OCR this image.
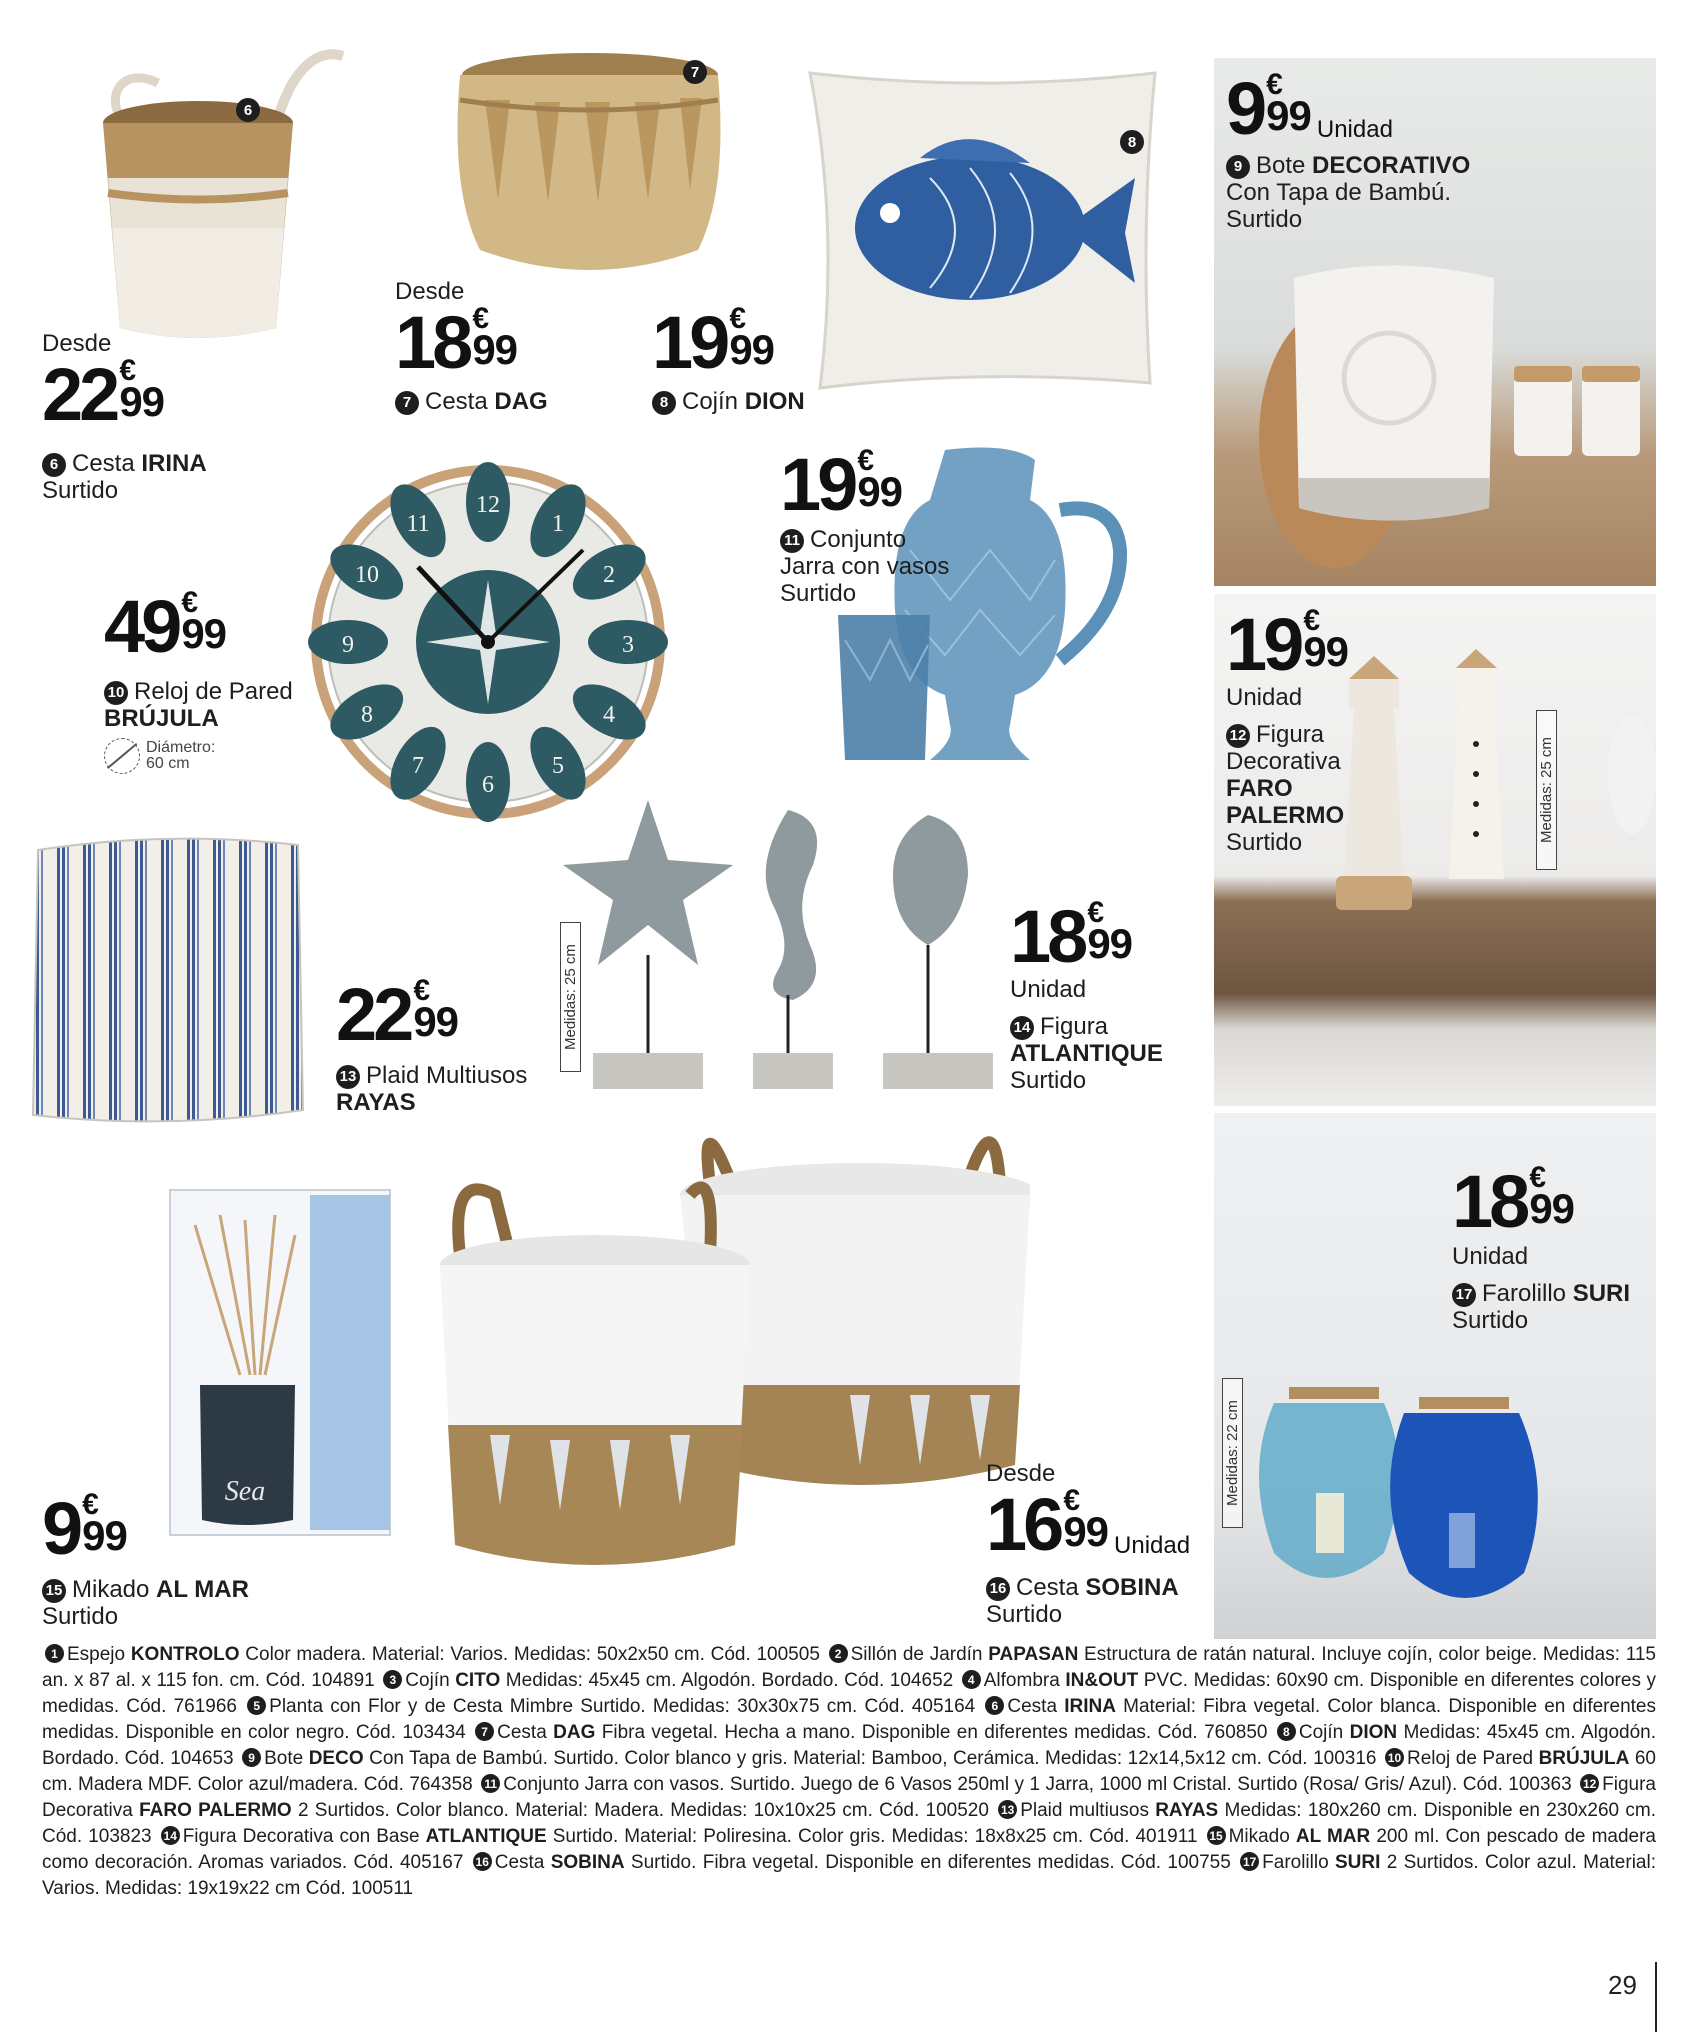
6
7
8
12
1
2
3
4
5
6
7
8
9
10
11
Sea
Desde
22 €
99
6 Cesta IRINA
Surtido
Desde
18 €
99
7 Cesta DAG
19 €
99
8 Cojín DION
9 €
99 Unidad
9 Bote DECORATIVO
Con Tapa de Bambú.
Surtido
49 €
99
10 Reloj de Pared
BRÚJULA
Diámetro:
60 cm
19 €
99
11 Conjunto
Jarra con vasos
Surtido
19 €
99
Unidad
12 Figura
Decorativa
FARO
PALERMO
Surtido	Medidas: 25 cm
22 €
99
13 Plaid Multiusos
RAYAS
Medidas: 25 cm
18 €
99
Unidad
14 Figura
ATLANTIQUE
Surtido
9 €
99
15 Mikado AL MAR
Surtido
Desde
16 €
99 Unidad
16 Cesta SOBINA
Surtido
18 €
99
Unidad
17 Farolillo SURI
Surtido
Medidas: 22 cm
1 Espejo KONTROLO Color madera. Material: Varios. Medidas: 50x2x50 cm. Cód. 100505 2 Sillón de Jardín PAPASAN Estructura de ratán natural. Incluye cojín, color beige. Medidas: 115 an. x 87 al. x 115 fon. cm. Cód. 104891 3 Cojín CITO Medidas: 45x45 cm. Algodón. Bordado. Cód. 104652 4 Alfombra IN&OUT PVC. Medidas: 60x90 cm. Disponible en diferentes colores y medidas. Cód. 761966 5 Planta con Flor y de Cesta Mimbre Surtido. Medidas: 30x30x75 cm. Cód. 405164 6 Cesta IRINA Material: Fibra vegetal. Color blanca. Disponible en diferentes medidas. Disponible en color negro. Cód. 103434 7 Cesta DAG Fibra vegetal. Hecha a mano. Disponible en diferentes medidas. Cód. 760850 8 Cojín DION Medidas: 45x45 cm. Algodón. Bordado. Cód. 104653 9 Bote DECO Con Tapa de Bambú. Surtido. Color blanco y gris. Material: Bamboo, Cerámica. Medidas: 12x14,5x12 cm. Cód. 100316 10 Reloj de Pared BRÚJULA 60 cm. Madera MDF. Color azul/madera. Cód. 764358 11 Conjunto Jarra con vasos. Surtido. Juego de 6 Vasos 250ml y 1 Jarra, 1000 ml Cristal. Surtido (Rosa/ Gris/ Azul). Cód. 100363 12 Figura Decorativa FARO PALERMO 2 Surtidos. Color blanco. Material: Madera. Medidas: 10x10x25 cm. Cód. 100520 13 Plaid multiusos RAYAS Medidas: 180x260 cm. Disponible en 230x260 cm. Cód. 103823 14 Figura Decorativa con Base ATLANTIQUE Surtido. Material: Poliresina. Color gris. Medidas: 18x8x25 cm. Cód. 401911 15 Mikado AL MAR 200 ml. Con pescado de madera como decoración. Aromas variados. Cód. 405167 16 Cesta SOBINA Surtido. Fibra vegetal. Disponible en diferentes medidas. Cód. 100755 17 Farolillo SURI 2 Surtidos. Color azul. Material: Varios. Medidas: 19x19x22 cm Cód. 100511
29
